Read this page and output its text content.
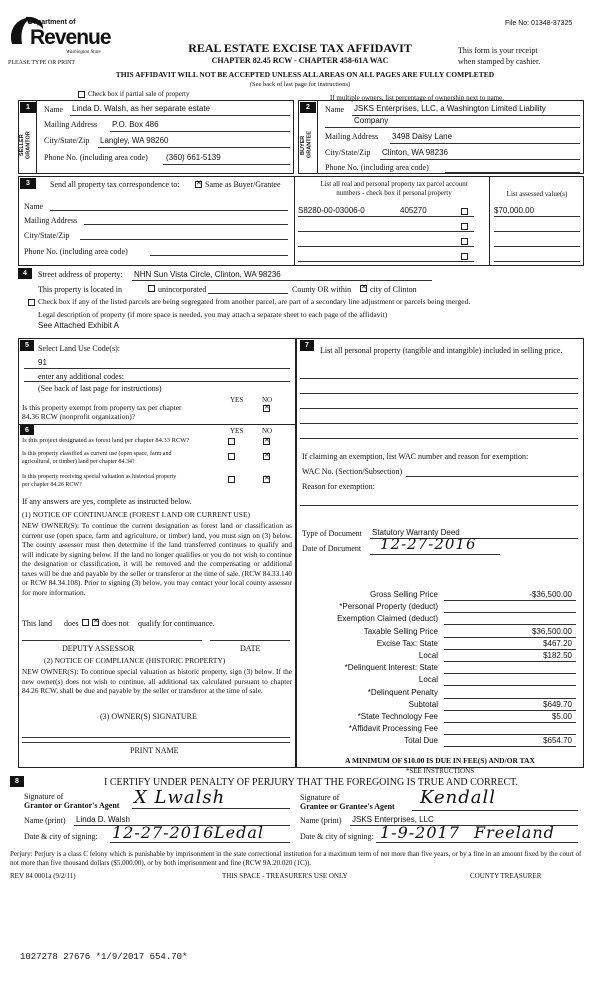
Department of
Revenue
Washington State
File No: 01348-37325
PLEASE TYPE OR PRINT
REAL ESTATE EXCISE TAX AFFIDAVIT
CHAPTER 82.45 RCW - CHAPTER 458-61A WAC
This form is your receipt
when stamped by cashier.
THIS AFFIDAVIT WILL NOT BE ACCEPTED UNLESS ALL AREAS ON ALL PAGES ARE FULLY COMPLETED
(See back of last page for instructions)
Check box if partial sale of property	If multiple owners, list percentage of ownership next to name.
1
SELLER GRANTOR
Name Linda D. Walsh, as her separate estate
Mailing Address P.O. Box 486
City/State/Zip Langley, WA 98260
Phone No. (including area code) (360) 661-5139
2
BUYER GRANTEE
Name JSKS Enterprises, LLC, a Washington Limited Liability
Company
Mailing Address 3498 Daisy Lane
City/State/Zip Clinton, WA 98236
Phone No. (including area code)
3	Send all property tax correspondence to: ✕	Same as Buyer/Grantee
Name
Mailing Address
City/State/Zip
Phone No. (including area code)
List all real and personal property tax parcel account
numbers - check box if personal property	List assessed value(s)
S8280-00-03006-0	405270	$70,000.00
4	Street address of property: NHN Sun Vista Circle, Clinton, WA 98236
This property is located in	unincorporated	County OR within ✕ city of Clinton
Check box if any of the listed parcels are being segregated from another parcel, are part of a secondary line adjustment or parcels being merged.
Legal description of property (if more space is needed, you may attach a separate sheet to each page of the affidavit)
See Attached Exhibit A
5	Select Land Use Code(s):
91
enter any additional codes:
(See back of last page for instructions)
YES	NO
Is this property exempt from property tax per chapter
84.36 RCW (nonprofit organization)?
✕
6	YES	NO
Is this project designated as forest land per chapter 84.33 RCW?
✕
Is this property classified as current use (open space, farm and
agricultural, or timber) land per chapter 84.34?
✕
Is this property receiving special valuation as historical property
per chapter 84.26 RCW?
✕
If any answers are yes, complete as instructed below.
(1) NOTICE OF CONTINUANCE (FOREST LAND OR CURRENT USE)
NEW OWNER(S): To continue the current designation as forest land or classification as current use (open space, farm and agriculture, or timber) land, you must sign on (3) below. The county assessor must then determine if the land transferred continues to qualify and will indicate by signing below. If the land no longer qualifies or you do not wish to continue the designation or classification, it will be removed and the compensating or additional taxes will be due and payable by the seller or transferor at the time of sale. (RCW 84.33.140 or RCW 84.34.108). Prior to signing (3) below, you may contact your local county assessor for more information.
This land does ✕	does not qualify for continuance.
DEPUTY ASSESSOR	DATE
(2) NOTICE OF COMPLIANCE (HISTORIC PROPERTY)
NEW OWNER(S): To continue special valuation as historic property, sign (3) below. If the new owner(s) does not wish to continue, all additional tax calculated pursuant to chapter 84.26 RCW, shall be due and payable by the seller or transferor at the time of sale.
(3) OWNER(S) SIGNATURE
PRINT NAME
7
List all personal property (tangible and intangible) included in selling price.
If claiming an exemption, list WAC number and reason for exemption:
WAC No. (Section/Subsection)
Reason for exemption:
Type of Document Statutory Warranty Deed
Date of Document 12-27-2016
Gross Selling Price	-$36,500.00
*Personal Property (deduct)
Exemption Claimed (deduct)
Taxable Selling Price	$36,500.00
Excise Tax: State	$467.20
Local	$182.50
*Delinquent Interest: State
Local
*Delinquent Penalty
Subtotal	$649.70
*State Technology Fee	$5.00
*Affidavit Processing Fee
Total Due	$654.70
A MINIMUM OF $10.00 IS DUE IN FEE(S) AND/OR TAX
*SEE INSTRUCTIONS
8	I CERTIFY UNDER PENALTY OF PERJURY THAT THE FOREGOING IS TRUE AND CORRECT.
Signature of
Grantor or Grantor's Agent X Lwalsh	Signature of
Grantee or Grantee's Agent Kendall
Name (print) Linda D. Walsh	Name (print) JSKS Enterprises, LLC
Date & city of signing: 12-27-2016 Ledal	Date & city of signing: 1-9-2017 Freeland
Perjury: Perjury is a class C felony which is punishable by imprisonment in the state correctional institution for a maximum term of not more than five years, or by a fine in an amount fixed by the court of not more than five thousand dollars ($5,000.00), or by both imprisonment and fine (RCW 9A.20.020 (1C)).
REV 84 0001a (9/2/11)	THIS SPACE - TREASURER'S USE ONLY	COUNTY TREASURER
1027278 27676 *1/9/2017 654.70*
